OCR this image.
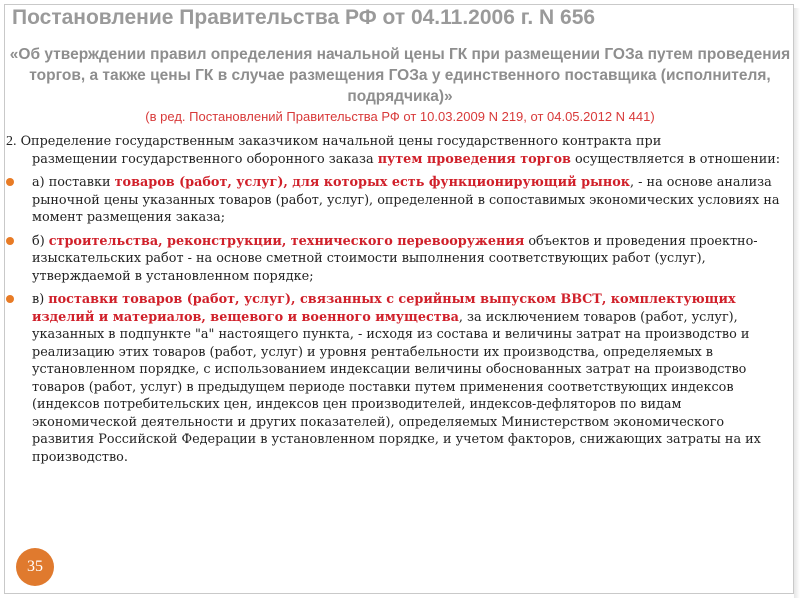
Постановление Правительства РФ от 04.11.2006 г. N 656
«Об утверждении правил определения начальной цены ГК при размещении ГОЗа путем проведения торгов, а также цены ГК в случае размещения ГОЗа у единственного поставщика (исполнителя, подрядчика)»
(в ред. Постановлений Правительства РФ от 10.03.2009 N 219, от 04.05.2012 N 441)

2. Определение государственным заказчиком начальной цены государственного контракта при
размещении государственного оборонного заказа путем проведения торгов осуществляется в отношении:

а) поставки товаров (работ, услуг), для которых есть функционирующий рынок, - на основе анализа рыночной цены указанных товаров (работ, услуг), определенной в сопоставимых экономических условиях на момент размещения заказа;
б) строительства, реконструкции, технического перевооружения объектов и проведения проектно-изыскательских работ - на основе сметной стоимости выполнения соответствующих работ (услуг), утверждаемой в установленном порядке;
в) поставки товаров (работ, услуг), связанных с серийным выпуском ВВСТ, комплектующих изделий и материалов, вещевого и военного имущества, за исключением товаров (работ, услуг), указанных в подпункте "а" настоящего пункта, - исходя из состава и величины затрат на производство и реализацию этих товаров (работ, услуг) и уровня рентабельности их производства, определяемых в установленном порядке, с использованием индексации величины обоснованных затрат на производство товаров (работ, услуг) в предыдущем периоде поставки путем применения соответствующих индексов (индексов потребительских цен, индексов цен производителей, индексов-дефляторов по видам экономической деятельности и других показателей), определяемых Министерством экономического развития Российской Федерации в установленном порядке, и учетом факторов, снижающих затраты на их производство.
35
